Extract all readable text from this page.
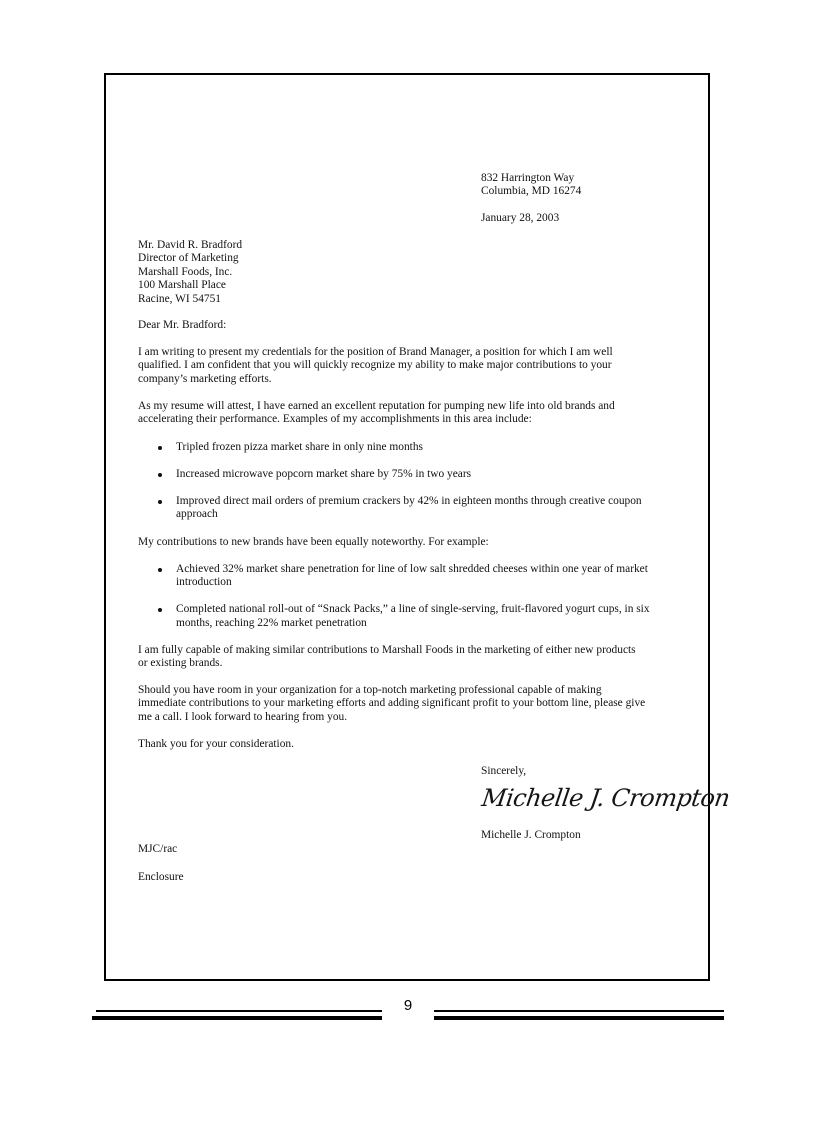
832 Harrington Way
Columbia, MD 16274
January 28, 2003
Mr. David R. Bradford
Director of Marketing
Marshall Foods, Inc.
100 Marshall Place
Racine, WI 54751
Dear Mr. Bradford:
I am writing to present my credentials for the position of Brand Manager, a position for which I am well
qualified. I am confident that you will quickly recognize my ability to make major contributions to your
company’s marketing efforts.
As my resume will attest, I have earned an excellent reputation for pumping new life into old brands and
accelerating their performance. Examples of my accomplishments in this area include:
Tripled frozen pizza market share in only nine months
Increased microwave popcorn market share by 75% in two years
Improved direct mail orders of premium crackers by 42% in eighteen months through creative coupon
approach
My contributions to new brands have been equally noteworthy. For example:
Achieved 32% market share penetration for line of low salt shredded cheeses within one year of market
introduction
Completed national roll-out of “Snack Packs,” a line of single-serving, fruit-flavored yogurt cups, in six
months, reaching 22% market penetration
I am fully capable of making similar contributions to Marshall Foods in the marketing of either new products
or existing brands.
Should you have room in your organization for a top-notch marketing professional capable of making
immediate contributions to your marketing efforts and adding significant profit to your bottom line, please give
me a call. I look forward to hearing from you.
Thank you for your consideration.
Sincerely,
Michelle J. Crompton
Michelle J. Crompton
MJC/rac
Enclosure
9
